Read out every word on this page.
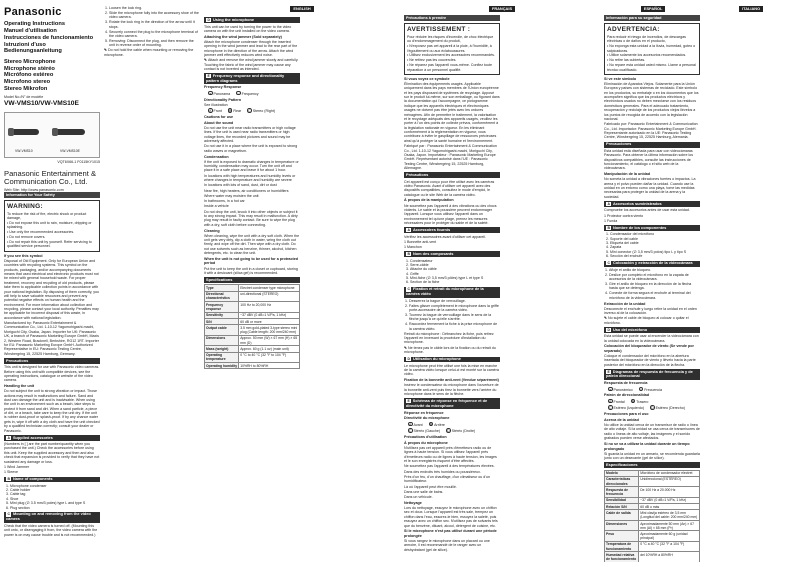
Panasonic
Operating Instructions
Manuel d'utilisation
Instrucciones de funcionamiento
Istruzioni d'uso
Bedienungsanleitung
Stereo Microphone
Microphone stéréo
Micrófono estéreo
Microfono stereo
Stereo Mikrofon
Model No./N° de modèle
VW-VMS10/VW-VMS10E
VW-VMS10	VW-VMS10E
VQT6X66-1 F0115KY1015
Panasonic Entertainment & Communication Co., Ltd.
Web Site: http://www.panasonic.com
Information for Your Safety
WARNING:
To reduce the risk of fire, electric shock or product damage,
• Do not expose this unit to rain, moisture, dripping or splashing.
• Use only the recommended accessories.
• Do not remove covers.
• Do not repair this unit by yourself. Refer servicing to qualified service personnel.
If you see this symbol
Disposal of Old Equipment. Only for European Union and countries with recycling systems. This symbol on the products, packaging, and/or accompanying documents means that used electrical and electronic products must not be mixed with general household waste. For proper treatment, recovery and recycling of old products, please take them to applicable collection points in accordance with your national legislation. By disposing of them correctly, you will help to save valuable resources and prevent any potential negative effects on human health and the environment. For more information about collection and recycling, please contact your local authority. Penalties may be applicable for incorrect disposal of this waste, in accordance with national legislation.
Manufactured by: Panasonic Entertainment & Communication Co., Ltd. 1-10-12 Yagumohigashi-machi, Moriguchi City, Osaka, Japan. Importer for UK: Panasonic UK, a branch of Panasonic Marketing Europe GmbH, Maxis 2, Western Road, Bracknell, Berkshire, RG12 1RT. Importer for EU: Panasonic Marketing Europe GmbH. Authorized Representative in EU: Panasonic Testing Centre, Winsbergring 15, 22525 Hamburg, Germany.
Precautions
This unit is designed for use with Panasonic video cameras. Before using this unit with compatible devices, see the operating instructions, catalogue or website of the video camera.
Handling the unit
Do not subject the unit to strong vibration or impact. Those actions may result in malfunctions and failure. Sand and dust can damage the unit and is inadvisable. When using the unit in an environment such as a beach, take steps to protect it from sand and dirt. When a sand particle, a piece of dirt, or a beach, take care to keep the unit dry. If the unit is rubber dust-proof or splash-proof. If by any chance water gets in, wipe it off with a dry cloth and have the unit checked by a qualified technician correctly; consult your dealer or Panasonic.
A Supplied accessories
(Numbers in [ ] are the part number/quantity when you purchased the unit.) Check the accessories before using this unit. Keep the supplied accessory and then and also check that expansion is provided to verify that they have not sustained any damage or loss.
1 Wind Jammer
1 Sleeve
B Name of components
1. Microphone condenser
2. Cable holder
3. Cable tag
4. Shoe
5. Mini plug (∅ 3.5 mm/3 poles) type L and type S
6. Plug section
C Mounting on and removing from the video camera
Check that the video camera is turned off. (Mounting this unit onto, or disengaging it from, the video camera with the power is on may cause trouble and is not recommended.)
1. Loosen the lock ring.
2. Slide the microphone fully into the accessory shoe of the video camera.
3. Rotate the lock ring in the direction of the arrow until it stops.
4. Securely connect the plug to the microphone terminal of the video camera.
5. Removing: Disconnect the plug, and then remove the unit in reverse order of mounting.
✎ Do not hold the cable when mounting or removing the microphone.
ENGLISH
D Using the microphone
This unit can be used by turning the power to the video camera on with the unit installed on the video camera.
Attaching the wind jammer (Sold separately)
Attach the microphone condenser through the inserted opening in the wind jammer and lead to the rear part of the microphone in the direction of the arrow. Attach the wind jammer well effectively reduces wind noise.
✎ Attach and remove the wind jammer slowly and carefully. Touching the fabric of the wind jammer may cause any contact is not inverted as intended.
E Frequency response and directionality pattern diagrams
Frequency Response
● Panorama	○ Frequency
Directionality Pattern
See illustration
A Front	B Rear C Stereo (Right)
Cautions for use
About the sound
Do not use the unit near radio transmitters or high voltage lines. If the unit is used near radio transmitters or high voltage lines, the recorded pictures and sound may be adversely affected.
Do not use it in a place where the unit is exposed to strong radio waves or magnetism.
Condensation
If the unit is exposed to dramatic changes in temperature or humidity, condensation may occur. Turn the unit off and place it in a safe place and leave it for about 1 hour.
In locations with high temperatures and humidity levels or where changes in temperature and humidity are severe
In locations with lots of sand, dust, dirt or dust
Near fire, high heaters, air conditioners or humidifiers
Where water may moisten the unit
In bathrooms, in a hot car
Inside a vehicle
Do not drop the unit, knock it into other objects or subject it to any strong impact. This may result in malfunction. A dirty plug may result in faulty contact. Be sure to wipe the plug with a dry, soft cloth before connecting.
Cleaning
When cleaning, wipe the unit with a dry soft cloth. When the unit gets very dirty, dip a cloth in water, wring the cloth out firmly, and wipe off the dirt. Then wipe with a dry cloth. Do not use solvents such as benzine, thinner, alcohol, kitchen detergents, etc. to clean the unit.
When the unit is not going to be used for a protracted period
Put the unit to keep the unit in a closet or cupboard, storing it with a desiccant (silica gel) is recommended.
Specifications
Type	Electret condenser type microphone
Directional characteristics	uni-directional (STEREO)
Frequency response	100 Hz to 20,000 Hz
Sensitivity	−37 dBV (0 dB=1 V/Pa, 1 kHz)
S/N	60 dB or more
Output cable	3.5 mm gold-plated 3-type stereo mini plug (Cable length: 200 mm/240 mm)
Dimensions	Approx. 50 mm (W) × 67 mm (H) × 65 mm (D)
Mass (weight)	Approx. 60 g (1.1 oz) (main unit)
Operating temperature	0 °C to 40 °C (32 °F to 104 °F)
Operating humidity	10%RH to 80%RH
FRANÇAIS
Précautions à prendre
AVERTISSEMENT :
Pour réduire les risques d'incendie, de choc électrique ou d'endommagement du produit,
• N'exposez pas cet appareil à la pluie, à l'humidité, à l'égouttement ou aux éclaboussures.
• Utilisez exclusivement les accessoires recommandés.
• Ne retirez pas les couvercles.
• Ne réparez pas l'appareil vous-même. Confiez toute réparation à un personnel qualifié.
Si vous voyez ce symbole
Élimination des équipements usagés. Applicable uniquement dans les pays membres de l'Union européenne et les pays disposant de systèmes de recyclage. Apposé sur le produit lui-même, sur son emballage, ou figurant dans la documentation qui l'accompagne, ce pictogramme indique que les appareils électriques et électroniques usagés ne doivent pas être jetés avec les ordures ménagères. Afin de permettre le traitement, la valorisation et le recyclage adéquats des appareils usagés, veuillez les porter à l'un des points de collecte prévus, conformément à la législation nationale en vigueur. En les éliminant conformément à la réglementation en vigueur, vous contribuez à éviter le gaspillage de ressources précieuses ainsi qu'à protéger la santé humaine et l'environnement.
Fabriqué par : Panasonic Entertainment & Communication Co., Ltd. 1-10-12 Yagumohigashi-machi, Moriguchi City, Osaka, Japon. Importateur : Panasonic Marketing Europe GmbH. Représentant autorisé dans l'UE : Panasonic Testing Centre, Winsbergring 15, 22525 Hamburg, Allemagne.
Précautions
Cet appareil est conçu pour être utilisé avec les caméras vidéo Panasonic. Avant d'utiliser cet appareil avec des dispositifs compatibles, consultez le mode d'emploi, le catalogue ou le site Web de la caméra vidéo.
À propos de la manipulation
Ne soumettez pas l'appareil à des vibrations ou des chocs violents. Le sable et la poussière peuvent endommager l'appareil. Lorsque vous utilisez l'appareil dans un environnement tel qu'une plage, prenez les mesures nécessaires pour le protéger du sable et de la saleté.
A Accessoires fournis
Vérifiez les accessoires avant d'utiliser cet appareil.
1 Bonnette anti-vent
1 Manchon
B Nom des composants
1. Condensateur
2. Serre-câble
3. Attache du câble
4. Griffe
5. Mini-fiche (∅ 3,5 mm/3 pôles) type L et type S
6. Section de la fiche
C Fixation et retrait du microphone de la caméra vidéo
1. Desserrez la bague de verrouillage.
2. Faites glisser complètement le microphone dans la griffe porte-accessoire de la caméra vidéo.
3. Tournez la bague de verrouillage dans le sens de la flèche jusqu'à ce qu'elle s'arrête.
4. Raccordez fermement la fiche à la prise microphone de la caméra vidéo.
Retrait du microphone : Débranchez la fiche, puis retirez l'appareil en inversant la procédure d'installation du microphone.
✎ Ne tenez pas le câble lors de la fixation ou du retrait du microphone.
D Utilisation du microphone
Le microphone peut être utilisé une fois la mise en marche de la caméra vidéo lorsque celui-ci est monté sur la caméra vidéo.
Fixation de la bonnette anti-vent (Vendue séparément)
Insérez le condensateur du microphone dans l'ouverture de la bonnette anti-vent puis tirez la bonnette vers l'arrière du microphone dans le sens de la flèche.
E Schémas de réponse en fréquence et de directivité du microphone
Réponse en fréquence
Directivité du microphone
A Avant	B Arrière
C Stéréo (Gauche) D Stéréo (Droite)
Précautions d'utilisation
À propos du microphone
N'utilisez pas cet appareil près d'émetteurs radio ou de lignes à haute tension. Si vous utilisez l'appareil près d'émetteurs radio ou de lignes à haute tension, les images et le son enregistrés risquent d'être affectés.
Ne soumettez pas l'appareil à des températures élevées.
Dans des endroits très humides ou poussiéreux.
Près d'un feu, d'un chauffage, d'un climatiseur ou d'un humidificateur.
Là où l'appareil peut être mouillé.
Dans une salle de bains.
Dans un véhicule.
Nettoyage
Lors du nettoyage, essuyez le microphone avec un chiffon sec et doux. Lorsque l'appareil est très sale, trempez un chiffon dans l'eau, essorez-le bien, essuyez la saleté, puis essuyez avec un chiffon sec. N'utilisez pas de solvants tels que du benzène, diluant, alcool, détergent de cuisine, etc.
Si le microphone n'est pas utilisé durant une période prolongée
Si vous rangez le microphone dans un placard ou une armoire, il est recommandé de le ranger avec un déshydratant (gel de silice).
ESPAÑOL	ITALIANO
Información para su seguridad
ADVERTENCIA:
Para reducir el riesgo de incendios, de descargas eléctricas o de daños en el producto,
• No exponga esta unidad a la lluvia, humedad, goteo o salpicaduras.
• Utilice solamente los accesorios recomendados.
• No retire las cubiertas.
• No repare esta unidad usted mismo. Llame a personal técnico cualificado.
Si ve este símbolo
Eliminación de Aparatos Viejos. Solamente para la Unión Europea y países con sistemas de reciclado. Este símbolo en los productos, su embalaje o en los documentos que los acompañen significa que los productos eléctricos y electrónicos usados no deben mezclarse con los residuos domésticos generales. Para el adecuado tratamiento, recuperación y reciclaje de los productos viejos llévelos a los puntos de recogida de acuerdo con la legislación nacional.
Fabricado por: Panasonic Entertainment & Communication Co., Ltd. Importador: Panasonic Marketing Europe GmbH. Representante autorizado en la UE: Panasonic Testing Centre, Winsbergring 15, 22525 Hamburg, Alemania.
Precauciones
Esta unidad está diseñada para usar con videocámaras Panasonic. Para obtener la última información sobre los dispositivos compatibles, consulte las instrucciones de funcionamiento, el catálogo o el sitio web de la videocámara.
Manipulación de la unidad
No someta la unidad a vibraciones fuertes o impactos. La arena y el polvo pueden dañar la unidad. Cuando use la unidad en un entorno como una playa, tome las medidas necesarias para proteger la unidad de la arena y la suciedad.
A Accesorios suministrados
Compruebe los accesorios antes de usar esta unidad.
1 Protector contra viento
1 Funda
B Nombre de los componentes
1. Condensador del micrófono
2. Soporte del cable
3. Etiqueta del cable
4. Zapata
5. Mini conector (∅ 3,5 mm/3 polos) tipo L y tipo S
6. Sección del enchufe
C Colocación y extracción de la videocámara
1. Afloje el anillo de bloqueo.
2. Deslice por completo el micrófono en la zapata de accesorios de la videocámara.
3. Gire el anillo de bloqueo en la dirección de la flecha hasta que se detenga.
4. Conecte de forma segura el enchufe al terminal del micrófono de la videocámara.
Extracción de la unidad
Desconecte el enchufe y luego retire la unidad en el orden inverso al de la colocación.
✎ No sujete el cable de bloqueo al colocar o quitar el micrófono.
D Uso del micrófono
Esta unidad se puede usar al encender la videocámara con la unidad colocada en la videocámara.
Colocación del bloqueador de viento (Se vende por separado)
Coloque el condensador del micrófono en la abertura insertada del bloqueador de viento y llévelo hacia la parte posterior del micrófono en la dirección de la flecha.
E Diagramas de respuesta de frecuencia y de patrón direccional
Respuesta de frecuencia
● Panorámico	○ Frecuencia
Patrón de direccionalidad
A Frontal	B Trasero
C Estéreo (Izquierdo) D Estéreo (Derecho)
Precauciones para el uso
Acerca de la unidad
No utilice la unidad cerca de un transmisor de radio o línea de alto voltaje. Si la unidad se usa cerca de transmisores de radio o líneas de alto voltaje, las imágenes y el sonido grabados pueden verse afectados.
Si no se va a utilizar la unidad durante un tiempo prolongado
Si guarda la unidad en un armario, se recomienda guardarla junto con un desecante (gel de sílice).
Especificaciones
Modelo	Micrófono de condensador electret
Características direccionales	Unidireccional (ESTÉREO)
Respuesta de frecuencia	De 100 Hz a 20.000 Hz
Sensibilidad	−37 dBV (0 dB=1 V/Pa, 1 kHz)
Relación S/N	60 dB o más
Cable de salida	Mini clavija estéreo de 3,5 mm (Longitud del cable: 200 mm/240 mm)
Dimensiones	Aproximadamente 50 mm (An) × 67 mm (Al) × 65 mm (Pr)
Peso	Aproximadamente 60 g (unidad principal)
Temperatura de funcionamiento	0 °C a 40 °C (32 °F a 104 °F)
Humedad relativa de funcionamiento	del 10%RH a 80%RH
